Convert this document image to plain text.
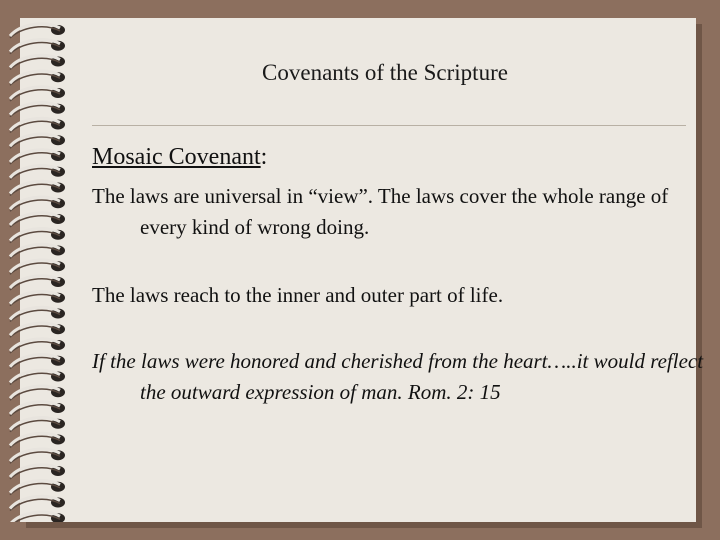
Covenants of the Scripture

Mosaic Covenant:

The laws are universal in “view”. The laws cover the whole range of every kind of wrong doing.

The laws reach to the inner and outer part of life.

If the laws were honored and cherished from the heart…..it would reflect the outward expression of man. Rom. 2: 15
